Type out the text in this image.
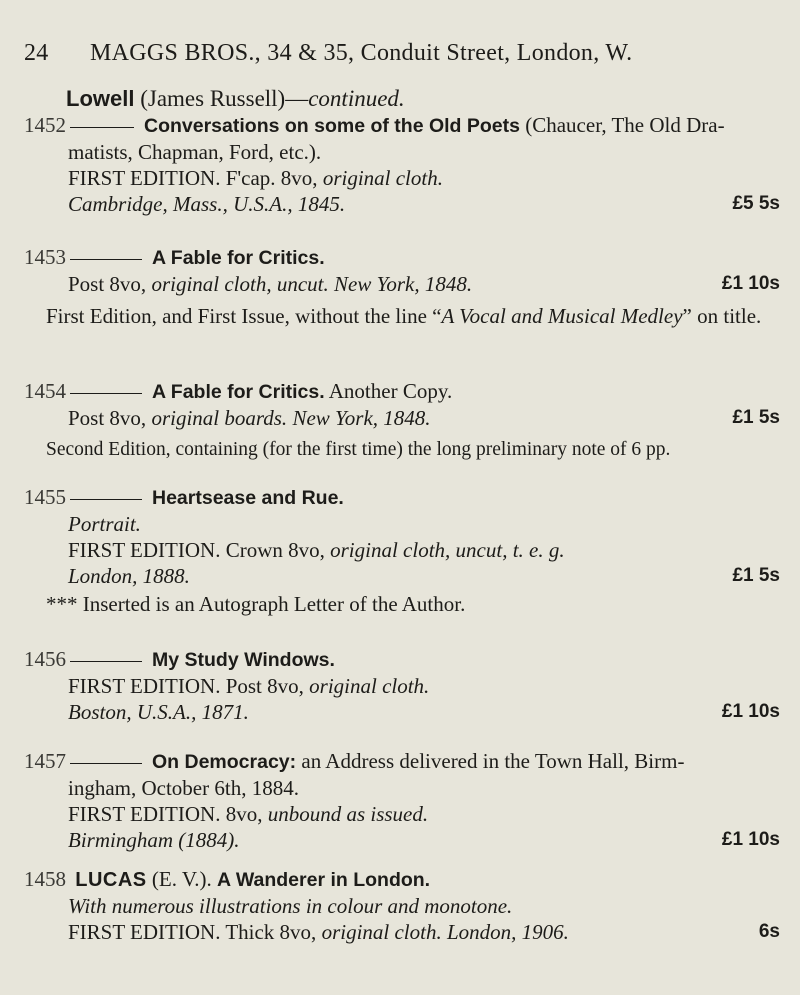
24 MAGGS BROS., 34 & 35, Conduit Street, London, W.
Lowell (James Russell)—continued.
1452	Conversations on some of the Old Poets (Chaucer, The Old Dra-
matists, Chapman, Ford, etc.).
FIRST EDITION. F'cap. 8vo, original cloth.
Cambridge, Mass., U.S.A., 1845.	£5 5s
1453	A Fable for Critics.
Post 8vo, original cloth, uncut. New York, 1848.	£1 10s
First Edition, and First Issue, without the line “A Vocal and Musical Medley” on title.
1454	A Fable for Critics. Another Copy.
Post 8vo, original boards. New York, 1848.	£1 5s
Second Edition, containing (for the first time) the long preliminary note of 6 pp.
1455	Heartsease and Rue.
Portrait.
FIRST EDITION. Crown 8vo, original cloth, uncut, t. e. g.
London, 1888.	£1 5s
*** Inserted is an Autograph Letter of the Author.
1456	My Study Windows.
FIRST EDITION. Post 8vo, original cloth.
Boston, U.S.A., 1871.	£1 10s
1457	On Democracy: an Address delivered in the Town Hall, Birm-
ingham, October 6th, 1884.
FIRST EDITION. 8vo, unbound as issued.
Birmingham (1884).	£1 10s
1458 LUCAS (E. V.). A Wanderer in London.
With numerous illustrations in colour and monotone.
FIRST EDITION. Thick 8vo, original cloth. London, 1906.	6s
